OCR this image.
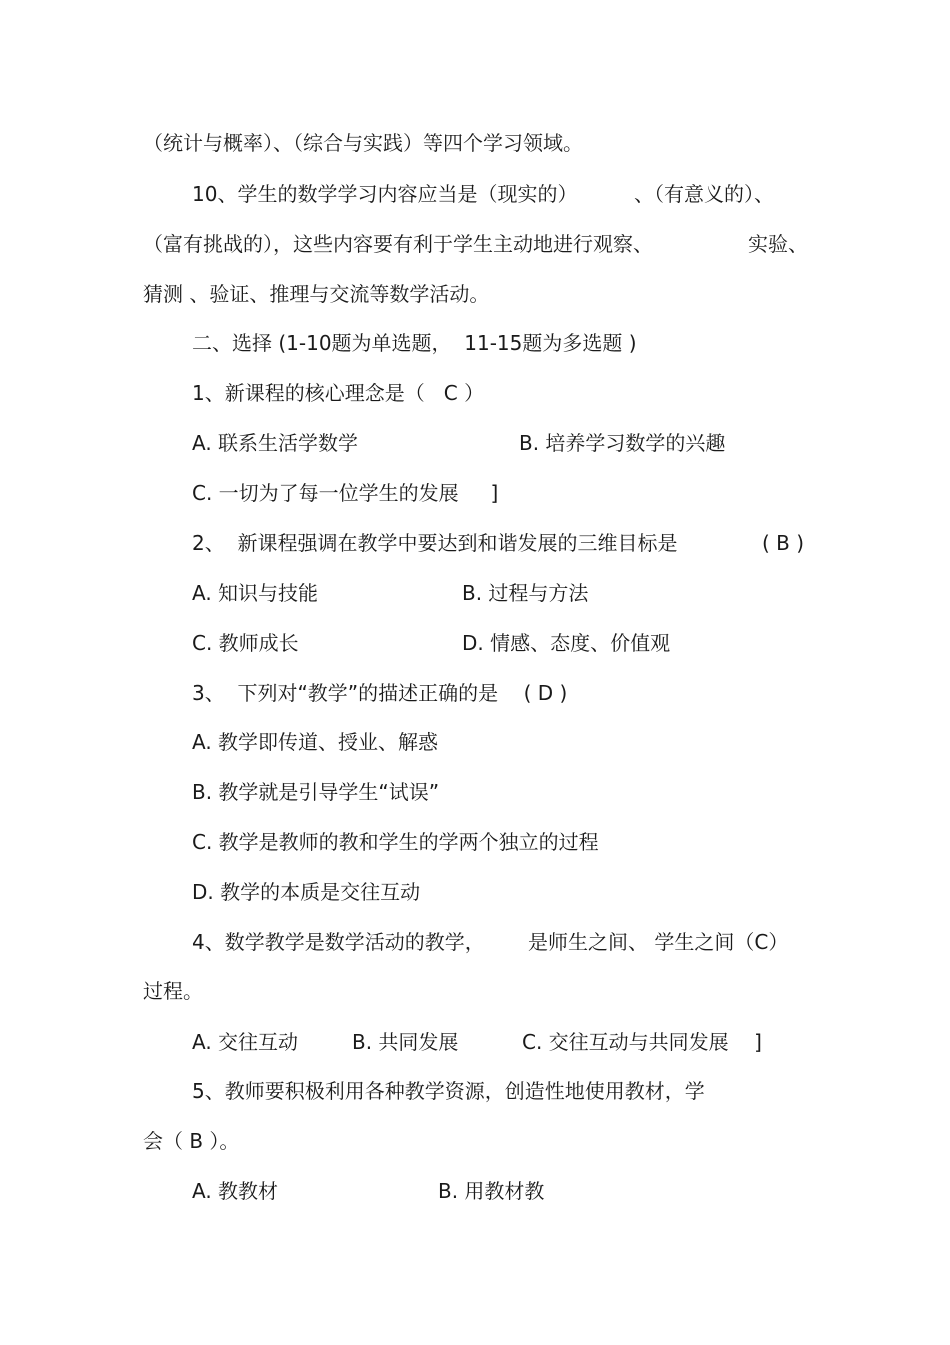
（统计与概率）、（综合与实践）等四个学习领域。
10、学生的数学学习内容应当是（现实的）	、（有意义的）、
（富有挑战的），这些内容要有利于学生主动地进行观察、	实验、
猜测 、验证、推理与交流等数学活动。
二、选择 (1-10题为单选题，  11-15题为多选题 )
1、新课程的核心理念是（   C ）
A. 联系生活学数学	B. 培养学习数学的兴趣
C. 一切为了每一位学生的发展     ]
2、  新课程强调在教学中要达到和谐发展的三维目标是	( B )
A. 知识与技能	B. 过程与方法
C. 教师成长	D. 情感、态度、价值观
3、  下列对“教学”的描述正确的是    ( D )
A. 教学即传道、授业、解惑
B. 教学就是引导学生“试误”
C. 教学是教师的教和学生的学两个独立的过程
D. 教学的本质是交往互动
4、数学教学是数学活动的教学， 是师生之间、 学生之间（C）
过程。
A. 交往互动	B. 共同发展	C. 交往互动与共同发展    ]
5、教师要积极利用各种教学资源，创造性地使用教材，学
会（ B ）。
A. 教教材	B. 用教材教
